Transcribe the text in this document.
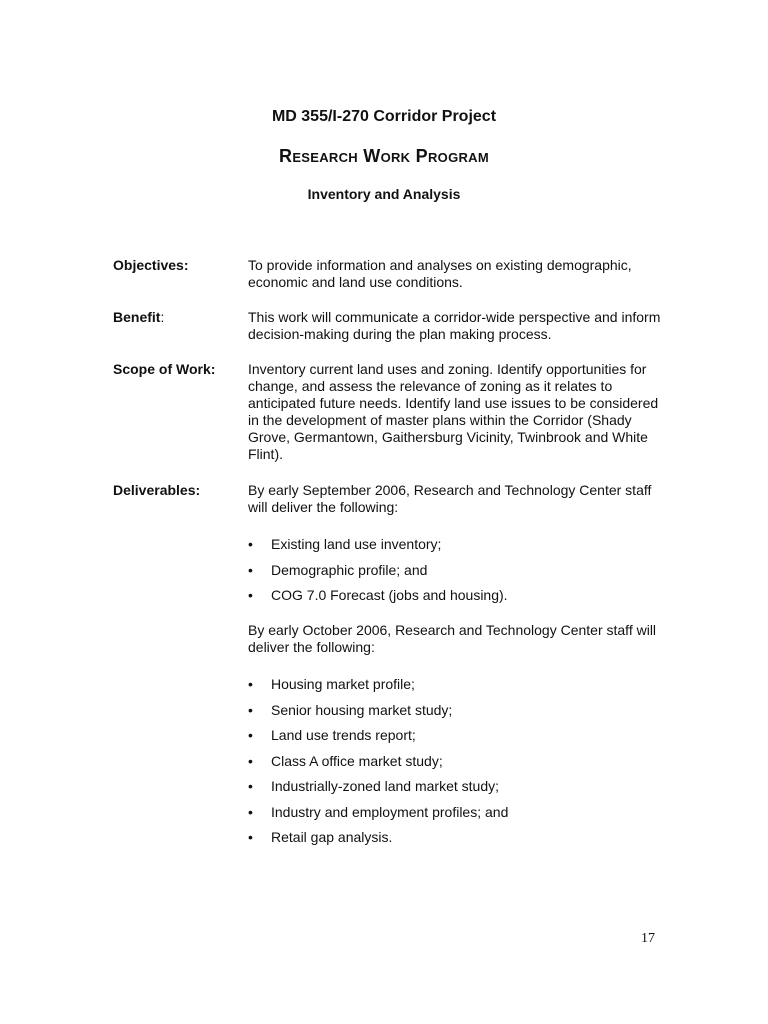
MD 355/I-270 Corridor Project
Research Work Program
Inventory and Analysis
Objectives:	To provide information and analyses on existing demographic, economic and land use conditions.
Benefit:	This work will communicate a corridor-wide perspective and inform decision-making during the plan making process.
Scope of Work: Inventory current land uses and zoning. Identify opportunities for change, and assess the relevance of zoning as it relates to anticipated future needs. Identify land use issues to be considered in the development of master plans within the Corridor (Shady Grove, Germantown, Gaithersburg Vicinity, Twinbrook and White Flint).
Deliverables:	By early September 2006, Research and Technology Center staff will deliver the following:
• Existing land use inventory;
• Demographic profile; and
• COG 7.0 Forecast (jobs and housing).
By early October 2006, Research and Technology Center staff will deliver the following:
• Housing market profile;
• Senior housing market study;
• Land use trends report;
• Class A office market study;
• Industrially-zoned land market study;
• Industry and employment profiles; and
• Retail gap analysis.
17
